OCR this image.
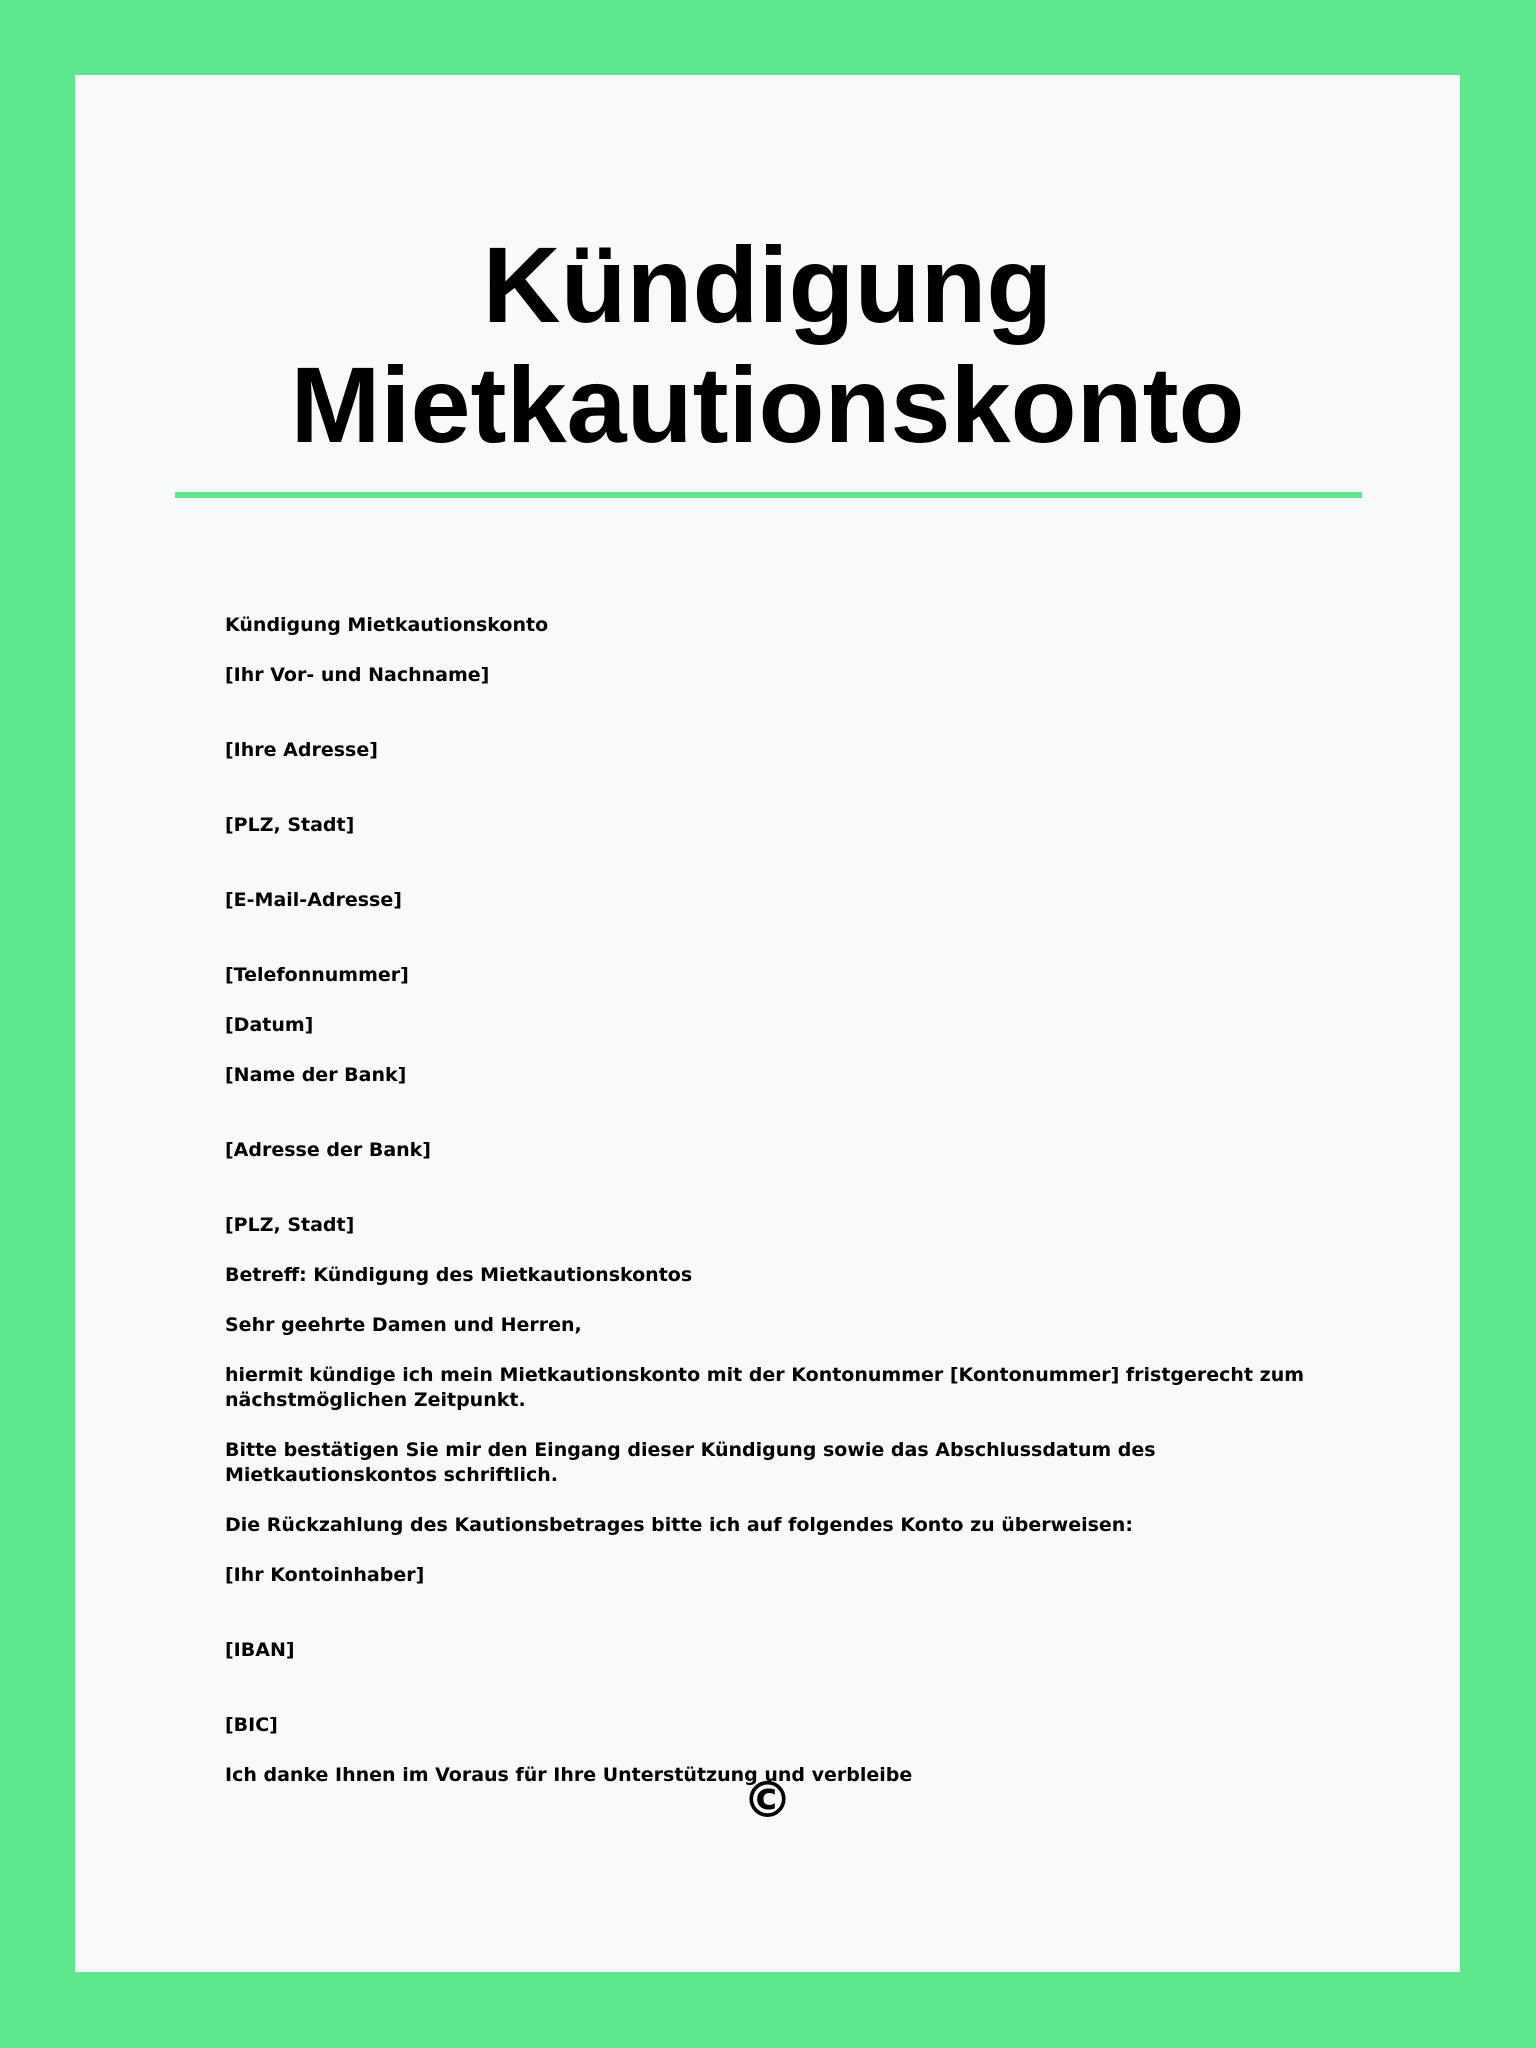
Kündigung
Mietkautionskonto

Kündigung Mietkautionskonto

[Ihr Vor- und Nachname]

[Ihre Adresse]

[PLZ, Stadt]

[E-Mail-Adresse]

[Telefonnummer]

[Datum]

[Name der Bank]

[Adresse der Bank]

[PLZ, Stadt]

Betreff: Kündigung des Mietkautionskontos

Sehr geehrte Damen und Herren,

hiermit kündige ich mein Mietkautionskonto mit der Kontonummer [Kontonummer] fristgerecht zum nächstmöglichen Zeitpunkt.

Bitte bestätigen Sie mir den Eingang dieser Kündigung sowie das Abschlussdatum des Mietkautionskontos schriftlich.

Die Rückzahlung des Kautionsbetrages bitte ich auf folgendes Konto zu überweisen:

[Ihr Kontoinhaber]

[IBAN]

[BIC]

Ich danke Ihnen im Voraus für Ihre Unterstützung und verbleibe

©
